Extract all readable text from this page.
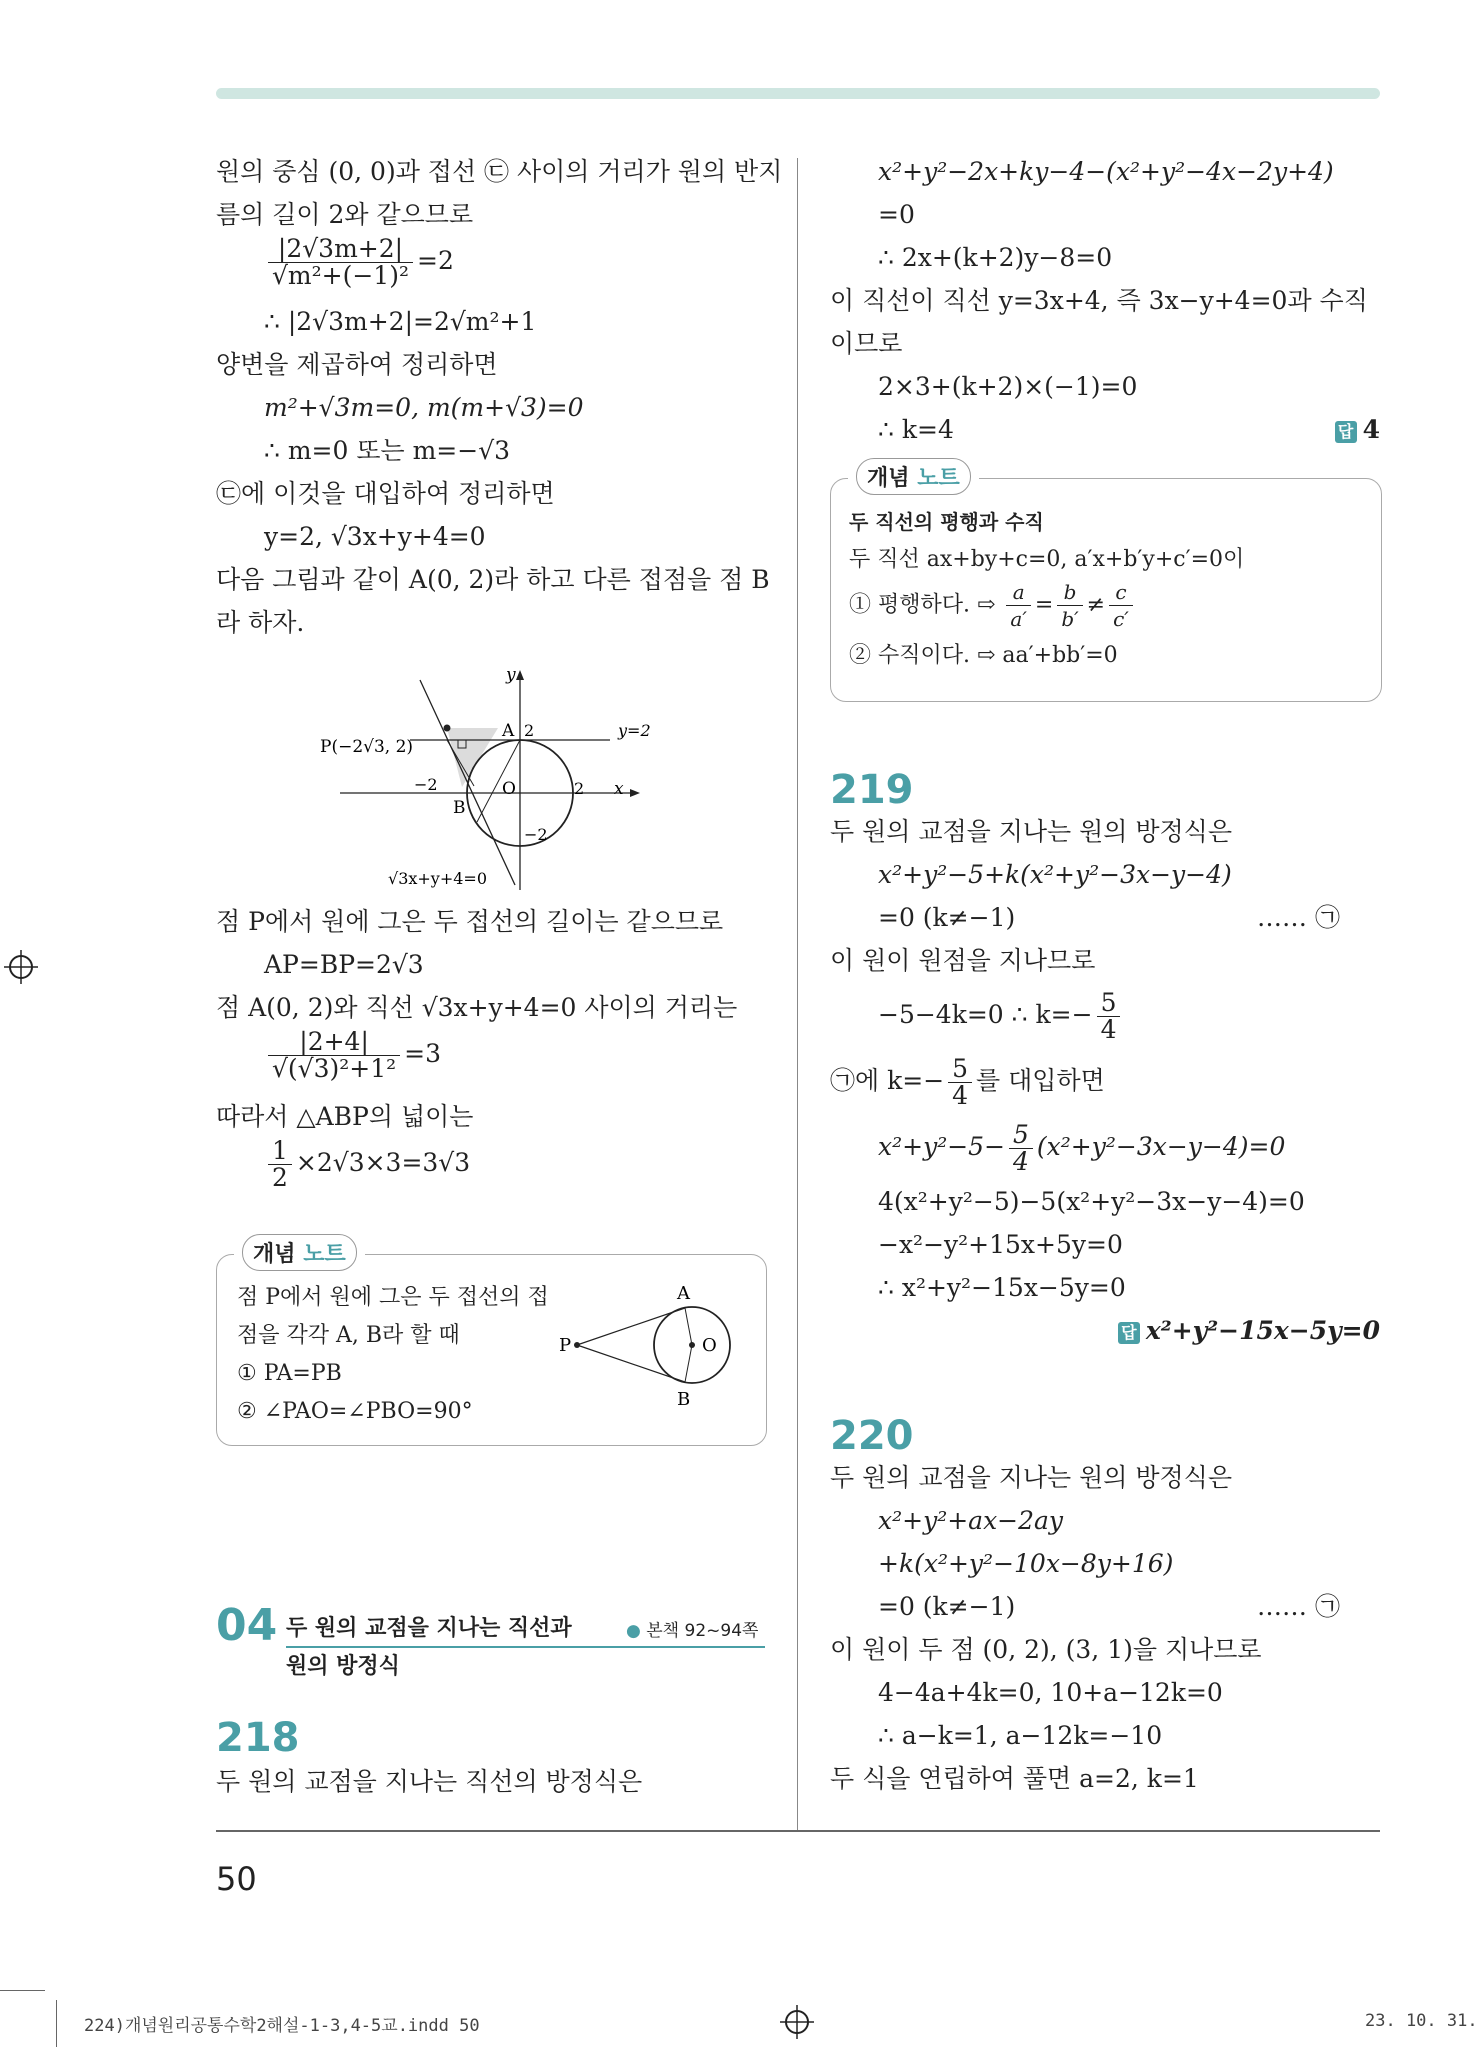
원의 중심 (0, 0)과 접선 ㉢ 사이의 거리가 원의 반지
름의 길이 2와 같으므로
$\frac{|2√3m+2|}{\text{√m²+(−1)²}} =2$
∴ |2√3m+2|=2√m²+1
양변을 제곱하여 정리하면
m²+√3m=0, m(m+√3)=0
∴ m=0 또는 m=−√3
㉢에 이것을 대입하여 정리하면
y=2, √3x+y+4=0
다음 그림과 같이 A(0, 2)라 하고 다른 접점을 점 B
라 하자.
y
x
A 2	y=2
P(−2√3, 2)
−2	O	2
B
−2
√3x+y+4=0
점 P에서 원에 그은 두 접선의 길이는 같으므로
AP=BP=2√3
점 A(0, 2)와 직선 √3x+y+4=0 사이의 거리는
$\frac{|2+4|}{\text{√(√3)²+1²}} =3$
따라서 △ABP의 넓이는
$\frac{1}{2} \times 2√3\times 3=3√3$
점 P에서 원에 그은 두 접선의 접
점을 각각 A, B라 할 때
① PA=PB
② ∠PAO=∠PBO=90°
A
P	O
B
개념 노트
04 두 원의 교점을 지나는 직선과
원의 방정식
● 본책 92~94쪽
218
두 원의 교점을 지나는 직선의 방정식은
x²+y²−2x+ky−4−(x²+y²−4x−2y+4)
=0
∴ 2x+(k+2)y−8=0
이 직선이 직선 y=3x+4, 즉 3x−y+4=0과 수직
이므로
2×3+(k+2)×(−1)=0
∴ k=4	답 4
두 직선의 평행과 수직
두 직선 ax+by+c=0, a′x+b′y+c′=0이
① 평행하다. ⇨ $\frac{a}{a'} = \frac{b}{b'} \ne \frac{c}{c'}$
② 수직이다. ⇨ aa′+bb′=0
개념 노트
219
두 원의 교점을 지나는 원의 방정식은
x²+y²−5+k(x²+y²−3x−y−4)
=0 (k≠−1)	…… ㉠
이 원이 원점을 지나므로
−5−4k=0 ∴ $k=- \frac{5}{4}$
㉠에 $k=- \frac{5}{4}$ 를 대입하면
$x^2+y^2-5- \frac{5}{4} (x^2+y^2-3x-y-4)=0$
4(x²+y²−5)−5(x²+y²−3x−y−4)=0
−x²−y²+15x+5y=0
∴ x²+y²−15x−5y=0
답 x²+y²−15x−5y=0
220
두 원의 교점을 지나는 원의 방정식은
x²+y²+ax−2ay
+k(x²+y²−10x−8y+16)
=0 (k≠−1)	…… ㉠
이 원이 두 점 (0, 2), (3, 1)을 지나므로
4−4a+4k=0, 10+a−12k=0
∴ a−k=1, a−12k=−10
두 식을 연립하여 풀면 a=2, k=1
50
224)개념원리공통수학2해설-1-3,4-5교.indd 50	23. 10. 31.
